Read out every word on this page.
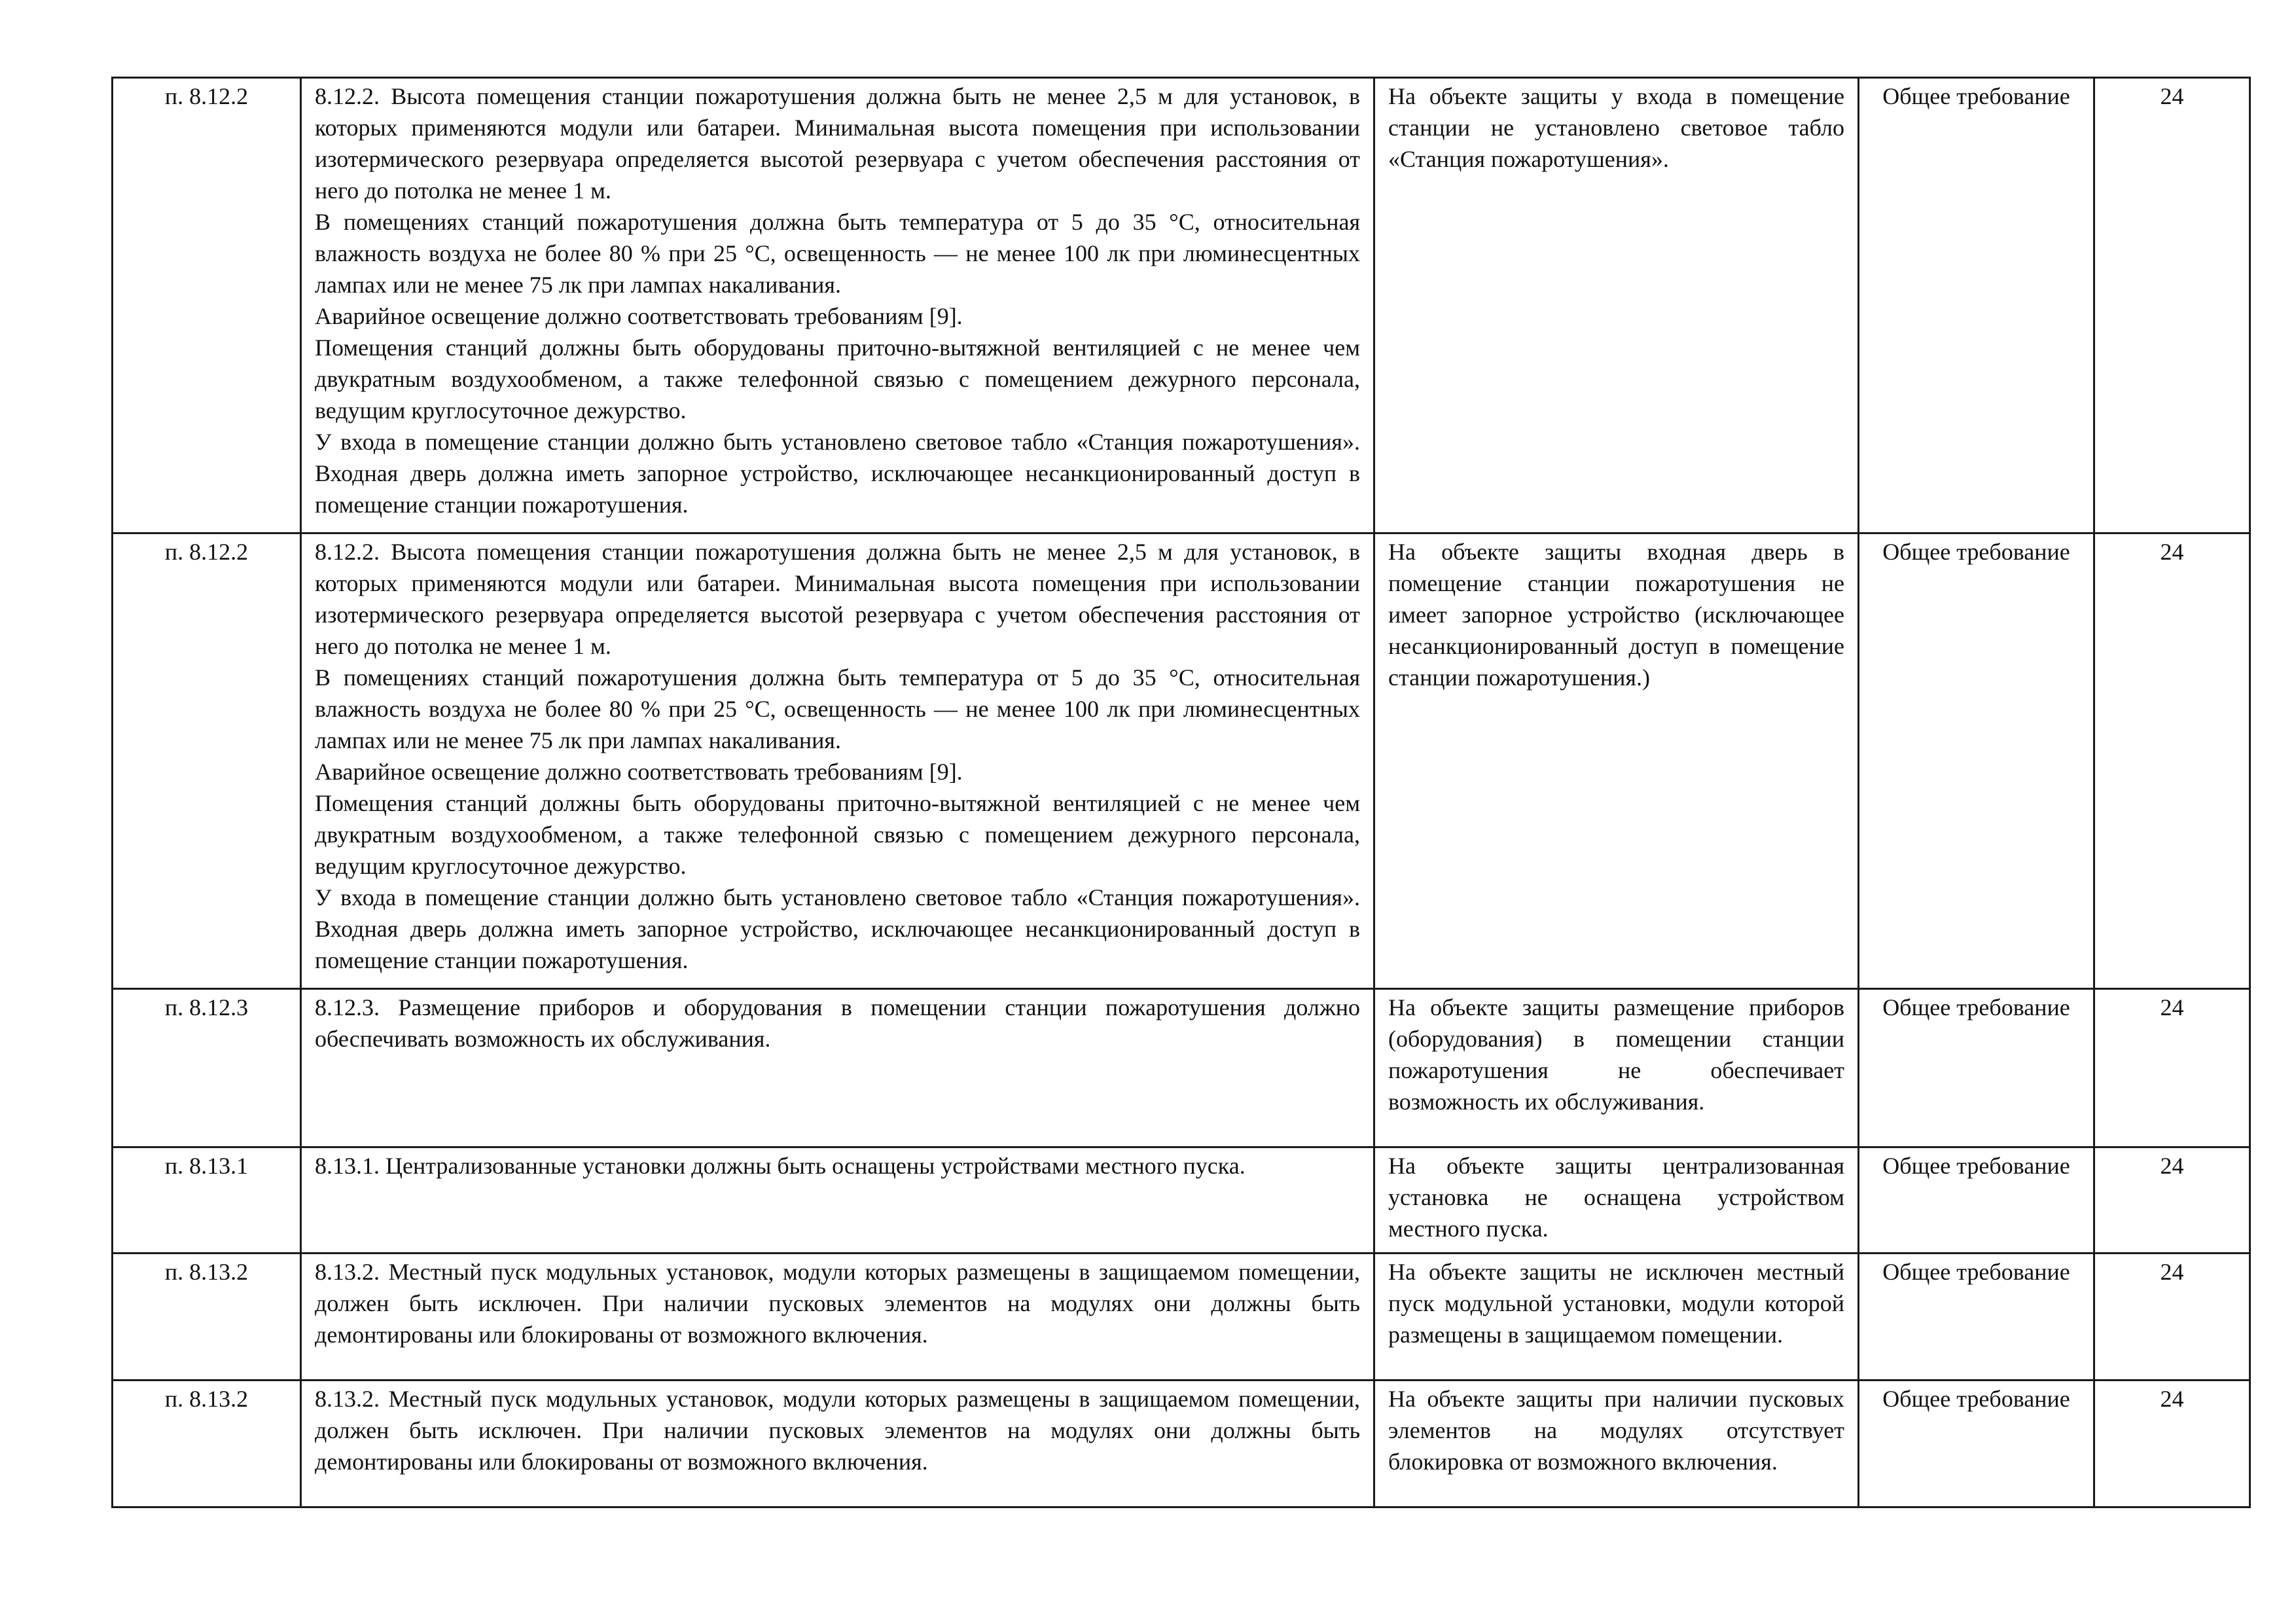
п. 8.12.2	8.12.2. Высота помещения станции пожаротушения должна быть не менее 2,5 м для установок, в которых применяются модули или батареи. Минимальная высота помещения при использовании изотермического резервуара определяется высотой резервуара с учетом обеспечения расстояния от него до потолка не менее 1 м.
В помещениях станций пожаротушения должна быть температура от 5 до 35 °С, относительная влажность воздуха не более 80 % при 25 °С, освещенность — не менее 100 лк при люминесцентных лампах или не менее 75 лк при лампах накаливания.
Аварийное освещение должно соответствовать требованиям [9].
Помещения станций должны быть оборудованы приточно-вытяжной вентиляцией с не менее чем двукратным воздухообменом, а также телефонной связью с помещением дежурного персонала, ведущим круглосуточное дежурство.
У входа в помещение станции должно быть установлено световое табло «Станция пожаротушения». Входная дверь должна иметь запорное устройство, исключающее несанкционированный доступ в помещение станции пожаротушения.	На объекте защиты у входа в помещение станции не установлено световое табло «Станция пожаротушения».	Общее требование	24
п. 8.12.2	8.12.2. Высота помещения станции пожаротушения должна быть не менее 2,5 м для установок, в которых применяются модули или батареи. Минимальная высота помещения при использовании изотермического резервуара определяется высотой резервуара с учетом обеспечения расстояния от него до потолка не менее 1 м.
В помещениях станций пожаротушения должна быть температура от 5 до 35 °С, относительная влажность воздуха не более 80 % при 25 °С, освещенность — не менее 100 лк при люминесцентных лампах или не менее 75 лк при лампах накаливания.
Аварийное освещение должно соответствовать требованиям [9].
Помещения станций должны быть оборудованы приточно-вытяжной вентиляцией с не менее чем двукратным воздухообменом, а также телефонной связью с помещением дежурного персонала, ведущим круглосуточное дежурство.
У входа в помещение станции должно быть установлено световое табло «Станция пожаротушения». Входная дверь должна иметь запорное устройство, исключающее несанкционированный доступ в помещение станции пожаротушения.	На объекте защиты входная дверь в помещение станции пожаротушения не имеет запорное устройство (исключающее несанкционированный доступ в помещение станции пожаротушения.)	Общее требование	24
п. 8.12.3	8.12.3. Размещение приборов и оборудования в помещении станции пожаротушения должно обеспечивать возможность их обслуживания.	На объекте защиты размещение приборов (оборудования) в помещении станции пожаротушения не обеспечивает возможность их обслуживания.	Общее требование	24
п. 8.13.1	8.13.1. Централизованные установки должны быть оснащены устройствами местного пуска.	На объекте защиты централизованная установка не оснащена устройством местного пуска.	Общее требование	24
п. 8.13.2	8.13.2. Местный пуск модульных установок, модули которых размещены в защищаемом помещении, должен быть исключен. При наличии пусковых элементов на модулях они должны быть демонтированы или блокированы от возможного включения.	На объекте защиты не исключен местный пуск модульной установки, модули которой размещены в защищаемом помещении.	Общее требование	24
п. 8.13.2	8.13.2. Местный пуск модульных установок, модули которых размещены в защищаемом помещении, должен быть исключен. При наличии пусковых элементов на модулях они должны быть демонтированы или блокированы от возможного включения.	На объекте защиты при наличии пусковых элементов на модулях отсутствует блокировка от возможного включения.	Общее требование	24
